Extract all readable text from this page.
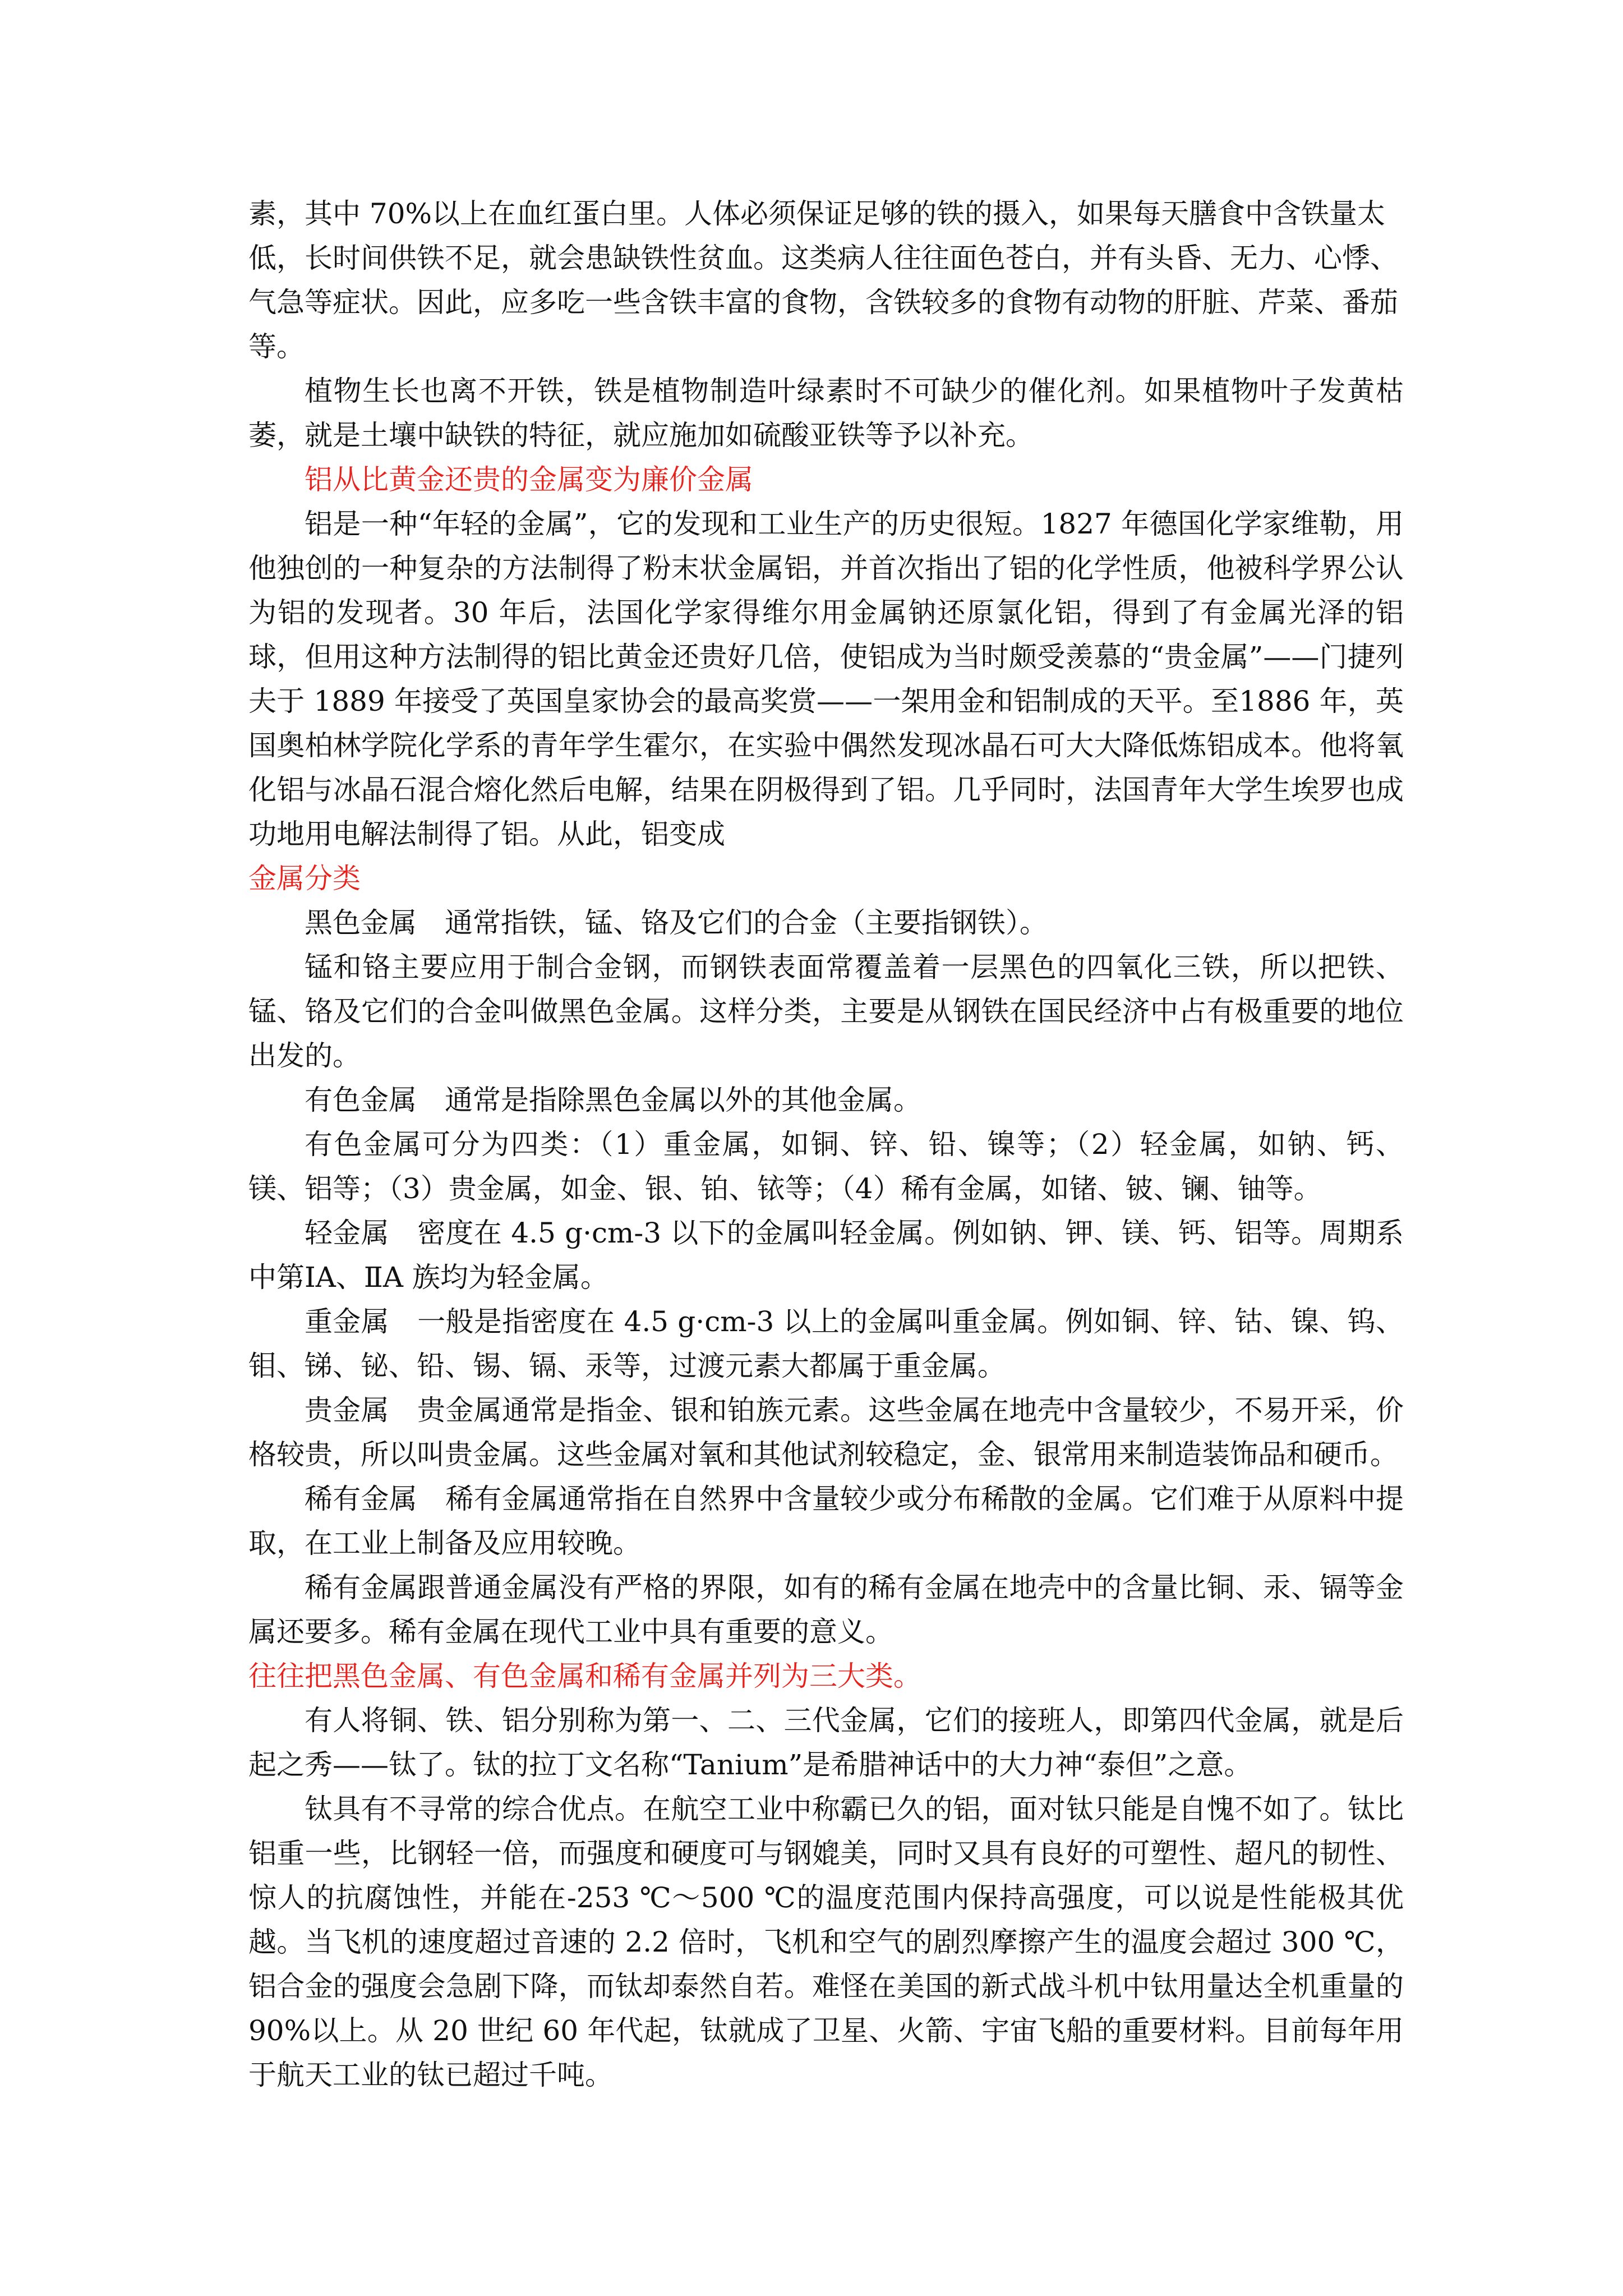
素，其中 70%以上在血红蛋白里。人体必须保证足够的铁的摄入，如果每天膳食中含铁量太低，长时间供铁不足，就会患缺铁性贫血。这类病人往往面色苍白，并有头昏、无力、心悸、气急等症状。因此，应多吃一些含铁丰富的食物，含铁较多的食物有动物的肝脏、芹菜、番茄等。

植物生长也离不开铁，铁是植物制造叶绿素时不可缺少的催化剂。如果植物叶子发黄枯萎，就是土壤中缺铁的特征，就应施加如硫酸亚铁等予以补充。

铝从比黄金还贵的金属变为廉价金属

铝是一种“年轻的金属”，它的发现和工业生产的历史很短。1827 年德国化学家维勒，用他独创的一种复杂的方法制得了粉末状金属铝，并首次指出了铝的化学性质，他被科学界公认为铝的发现者。30 年后，法国化学家得维尔用金属钠还原氯化铝，得到了有金属光泽的铝球，但用这种方法制得的铝比黄金还贵好几倍，使铝成为当时颇受羡慕的“贵金属”——门捷列夫于 1889 年接受了英国皇家协会的最高奖赏——一架用金和铝制成的天平。至1886 年，英国奥柏林学院化学系的青年学生霍尔，在实验中偶然发现冰晶石可大大降低炼铝成本。他将氧化铝与冰晶石混合熔化然后电解，结果在阴极得到了铝。几乎同时，法国青年大学生埃罗也成功地用电解法制得了铝。从此，铝变成

金属分类

黑色金属　通常指铁，锰、铬及它们的合金（主要指钢铁）。

锰和铬主要应用于制合金钢，而钢铁表面常覆盖着一层黑色的四氧化三铁，所以把铁、锰、铬及它们的合金叫做黑色金属。这样分类，主要是从钢铁在国民经济中占有极重要的地位出发的。

有色金属　通常是指除黑色金属以外的其他金属。

有色金属可分为四类：（1）重金属，如铜、锌、铅、镍等；（2）轻金属，如钠、钙、镁、铝等；（3）贵金属，如金、银、铂、铱等；（4）稀有金属，如锗、铍、镧、铀等。

轻金属　密度在 4.5 g·cm-3 以下的金属叫轻金属。例如钠、钾、镁、钙、铝等。周期系中第ⅠA、ⅡA 族均为轻金属。

重金属　一般是指密度在 4.5 g·cm-3 以上的金属叫重金属。例如铜、锌、钴、镍、钨、钼、锑、铋、铅、锡、镉、汞等，过渡元素大都属于重金属。

贵金属　贵金属通常是指金、银和铂族元素。这些金属在地壳中含量较少，不易开采，价格较贵，所以叫贵金属。这些金属对氧和其他试剂较稳定，金、银常用来制造装饰品和硬币。

稀有金属　稀有金属通常指在自然界中含量较少或分布稀散的金属。它们难于从原料中提取，在工业上制备及应用较晚。

稀有金属跟普通金属没有严格的界限，如有的稀有金属在地壳中的含量比铜、汞、镉等金属还要多。稀有金属在现代工业中具有重要的意义。

往往把黑色金属、有色金属和稀有金属并列为三大类。

有人将铜、铁、铝分别称为第一、二、三代金属，它们的接班人，即第四代金属，就是后起之秀——钛了。钛的拉丁文名称“Tanium”是希腊神话中的大力神“泰但”之意。

钛具有不寻常的综合优点。在航空工业中称霸已久的铝，面对钛只能是自愧不如了。钛比铝重一些，比钢轻一倍，而强度和硬度可与钢媲美，同时又具有良好的可塑性、超凡的韧性、惊人的抗腐蚀性，并能在-253 ℃～500 ℃的温度范围内保持高强度，可以说是性能极其优越。当飞机的速度超过音速的 2.2 倍时，飞机和空气的剧烈摩擦产生的温度会超过 300 ℃，铝合金的强度会急剧下降，而钛却泰然自若。难怪在美国的新式战斗机中钛用量达全机重量的 90%以上。从 20 世纪 60 年代起，钛就成了卫星、火箭、宇宙飞船的重要材料。目前每年用于航天工业的钛已超过千吨。
